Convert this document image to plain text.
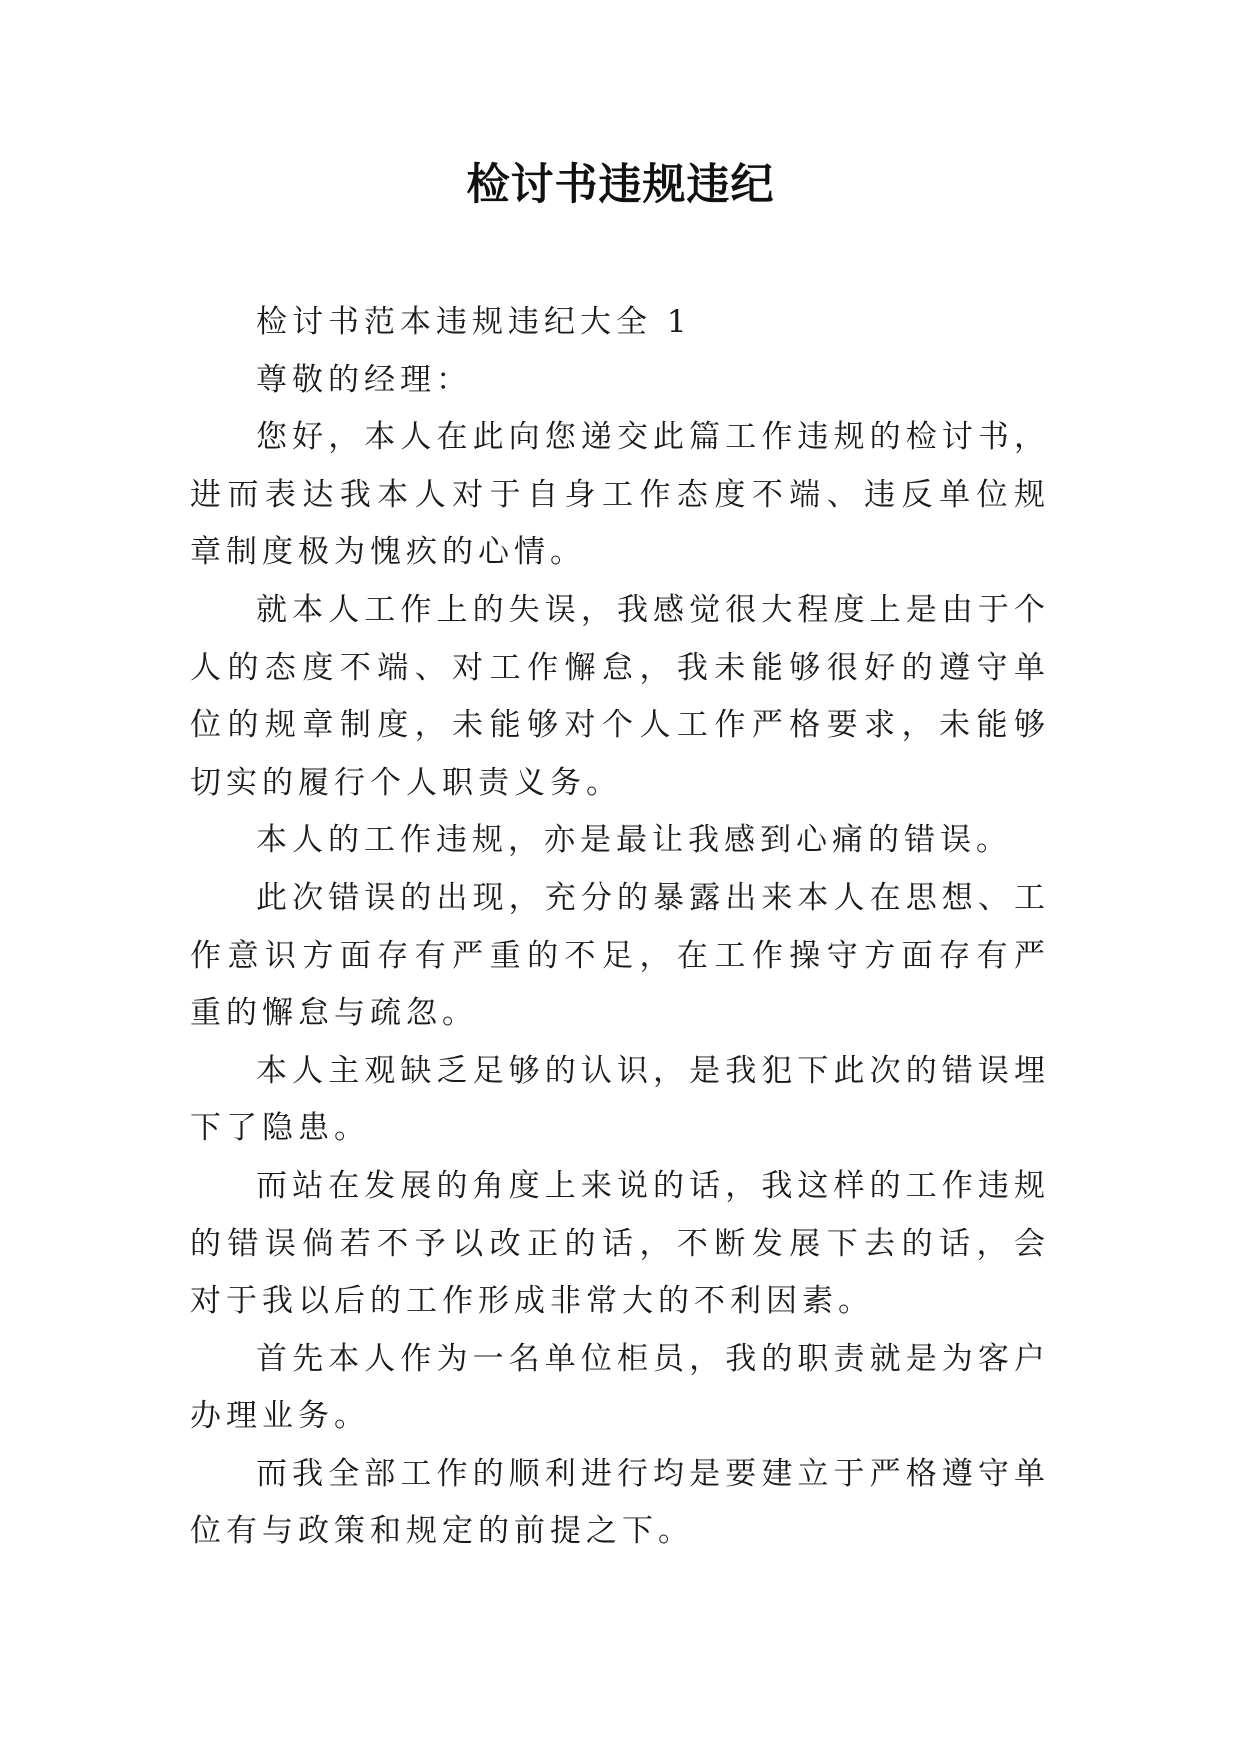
检讨书违规违纪

检讨书范本违规违纪大全 1

尊敬的经理：

您好，本人在此向您递交此篇工作违规的检讨书，进而表达我本人对于自身工作态度不端、违反单位规章制度极为愧疚的心情。

就本人工作上的失误，我感觉很大程度上是由于个人的态度不端、对工作懈怠，我未能够很好的遵守单位的规章制度，未能够对个人工作严格要求，未能够切实的履行个人职责义务。

本人的工作违规，亦是最让我感到心痛的错误。

此次错误的出现，充分的暴露出来本人在思想、工作意识方面存有严重的不足，在工作操守方面存有严重的懈怠与疏忽。

本人主观缺乏足够的认识，是我犯下此次的错误埋下了隐患。

而站在发展的角度上来说的话，我这样的工作违规的错误倘若不予以改正的话，不断发展下去的话，会对于我以后的工作形成非常大的不利因素。

首先本人作为一名单位柜员，我的职责就是为客户办理业务。

而我全部工作的顺利进行均是要建立于严格遵守单位有与政策和规定的前提之下。
